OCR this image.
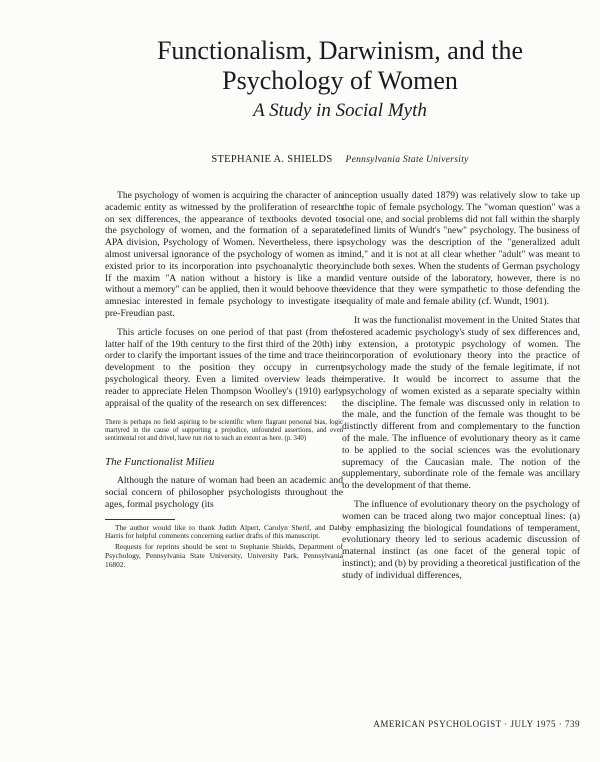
Functionalism, Darwinism, and the
Psychology of Women
A Study in Social Myth
STEPHANIE A. SHIELDS Pennsylvania State University

The psychology of women is acquiring the character of an academic entity as witnessed by the proliferation of research on sex differences, the appearance of textbooks devoted to the psychology of women, and the formation of a separate APA division, Psychology of Women. Nevertheless, there is almost universal ignorance of the psychology of women as it existed prior to its incorporation into psychoanalytic theory. If the maxim "A nation without a history is like a man without a memory" can be applied, then it would behoove the amnesiac interested in female psychology to investigate its pre-Freudian past.

This article focuses on one period of that past (from the latter half of the 19th century to the first third of the 20th) in order to clarify the important issues of the time and trace their development to the position they occupy in current psychological theory. Even a limited overview leads the reader to appreciate Helen Thompson Woolley's (1910) early appraisal of the quality of the research on sex differences:

There is perhaps no field aspiring to be scientific where flagrant personal bias, logic martyred in the cause of supporting a prejudice, unfounded assertions, and even sentimental rot and drivel, have run riot to such an extent as here. (p. 340)
The Functionalist Milieu

Although the nature of woman had been an academic and social concern of philosopher psychologists throughout the ages, formal psychology (its

The author would like to thank Judith Alpert, Carolyn Sherif, and Dale Harris for helpful comments concerning earlier drafts of this manuscript.

Requests for reprints should be sent to Stephanie Shields, Department of Psychology, Pennsylvania State University, University Park, Pennsylvania 16802.

inception usually dated 1879) was relatively slow to take up the topic of female psychology. The "woman question" was a social one, and social problems did not fall within the sharply defined limits of Wundt's "new" psychology. The business of psychology was the description of the "generalized adult mind," and it is not at all clear whether "adult" was meant to include both sexes. When the students of German psychology did venture outside of the laboratory, however, there is no evidence that they were sympathetic to those defending the equality of male and female ability (cf. Wundt, 1901).

It was the functionalist movement in the United States that fostered academic psychology's study of sex differences and, by extension, a prototypic psychology of women. The incorporation of evolutionary theory into the practice of psychology made the study of the female legitimate, if not imperative. It would be incorrect to assume that the psychology of women existed as a separate specialty within the discipline. The female was discussed only in relation to the male, and the function of the female was thought to be distinctly different from and complementary to the function of the male. The influence of evolutionary theory as it came to be applied to the social sciences was the evolutionary supremacy of the Caucasian male. The notion of the supplementary, subordinate role of the female was ancillary to the development of that theme.

The influence of evolutionary theory on the psychology of women can be traced along two major conceptual lines: (a) by emphasizing the biological foundations of temperament, evolutionary theory led to serious academic discussion of maternal instinct (as one facet of the general topic of instinct); and (b) by providing a theoretical justification of the study of individual differences,

AMERICAN PSYCHOLOGIST · JULY 1975 · 739
